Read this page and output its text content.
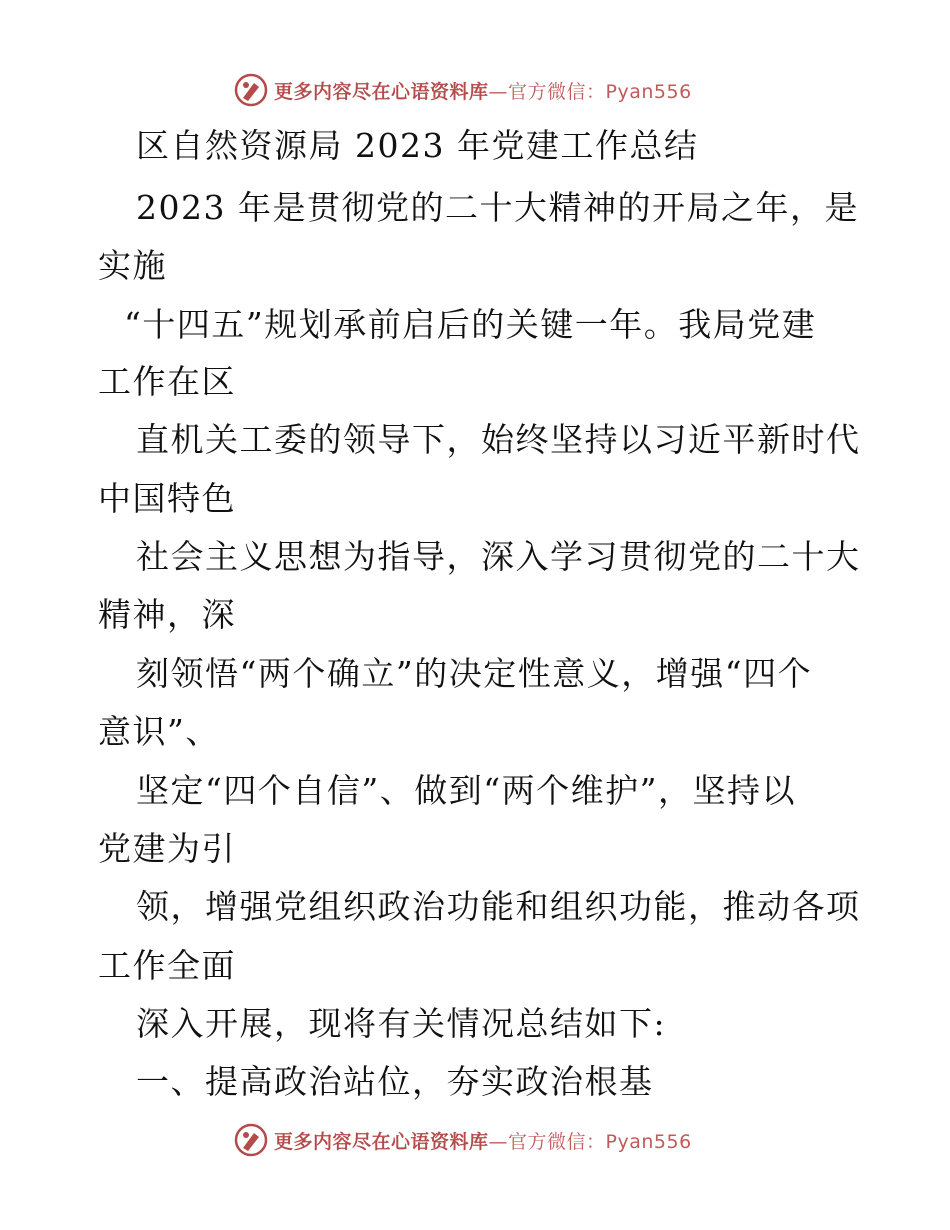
更多内容尽在心语资料库—官方微信：Pyan556
区自然资源局 2023 年党建工作总结
2023 年是贯彻党的二十大精神的开局之年，是
实施
“十四五”规划承前启后的关键一年。我局党建
工作在区
直机关工委的领导下，始终坚持以习近平新时代
中国特色
社会主义思想为指导，深入学习贯彻党的二十大
精神，深
刻领悟“两个确立”的决定性意义，增强“四个
意识”、
坚定“四个自信”、做到“两个维护”，坚持以
党建为引
领，增强党组织政治功能和组织功能，推动各项
工作全面
深入开展，现将有关情况总结如下:
一、提高政治站位，夯实政治根基
更多内容尽在心语资料库—官方微信：Pyan556
